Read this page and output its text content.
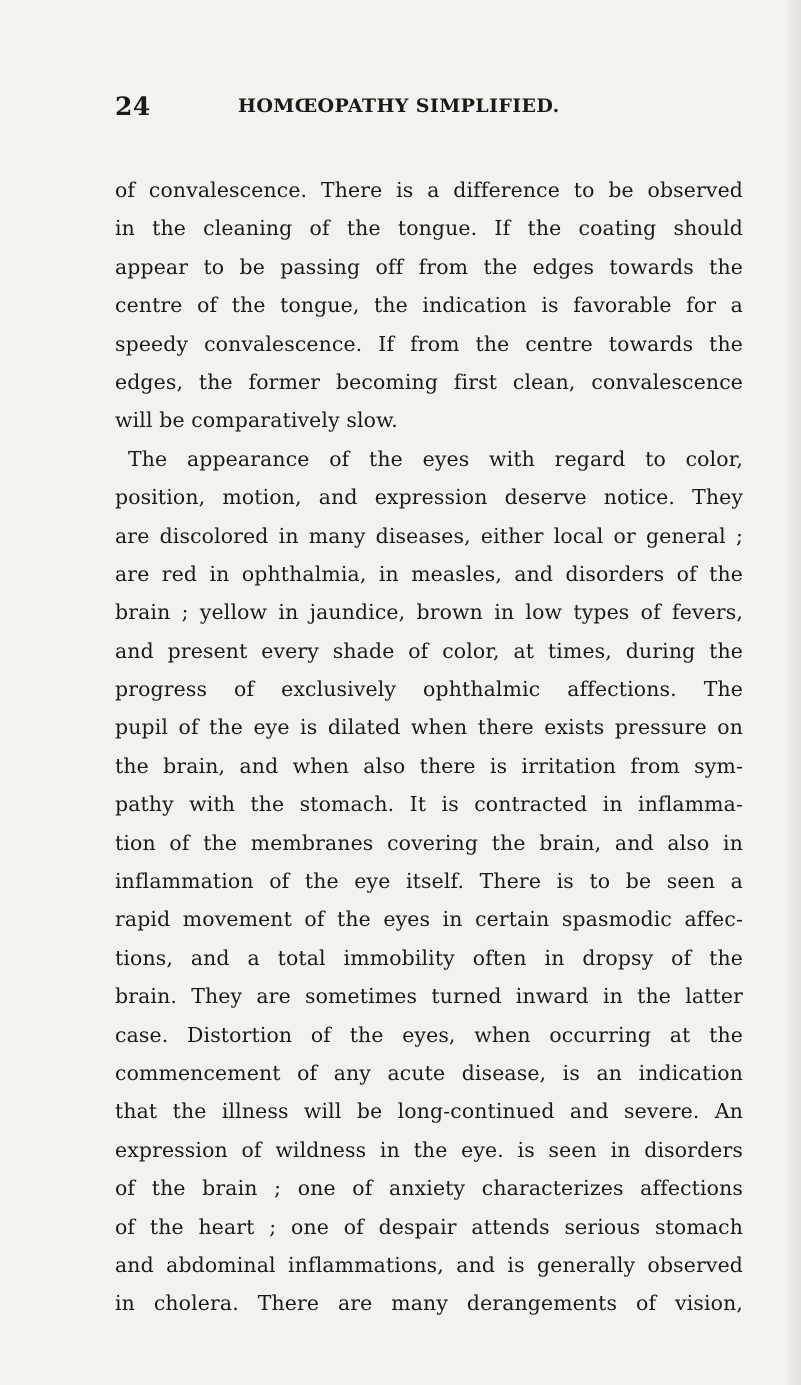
24	HOMŒOPATHY SIMPLIFIED.
of convalescence. There is a difference to be observed
in the cleaning of the tongue. If the coating should
appear to be passing off from the edges towards the
centre of the tongue, the indication is favorable for a
speedy convalescence. If from the centre towards the
edges, the former becoming first clean, convalescence
will be comparatively slow.
The appearance of the eyes with regard to color,
position, motion, and expression deserve notice. They
are discolored in many diseases, either local or general ;
are red in ophthalmia, in measles, and disorders of the
brain ; yellow in jaundice, brown in low types of fevers,
and present every shade of color, at times, during the
progress of exclusively ophthalmic affections. The
pupil of the eye is dilated when there exists pressure on
the brain, and when also there is irritation from sym-
pathy with the stomach. It is contracted in inflamma-
tion of the membranes covering the brain, and also in
inflammation of the eye itself. There is to be seen a
rapid movement of the eyes in certain spasmodic affec-
tions, and a total immobility often in dropsy of the
brain. They are sometimes turned inward in the latter
case. Distortion of the eyes, when occurring at the
commencement of any acute disease, is an indication
that the illness will be long-continued and severe. An
expression of wildness in the eye. is seen in disorders
of the brain ; one of anxiety characterizes affections
of the heart ; one of despair attends serious stomach
and abdominal inflammations, and is generally observed
in cholera. There are many derangements of vision,
